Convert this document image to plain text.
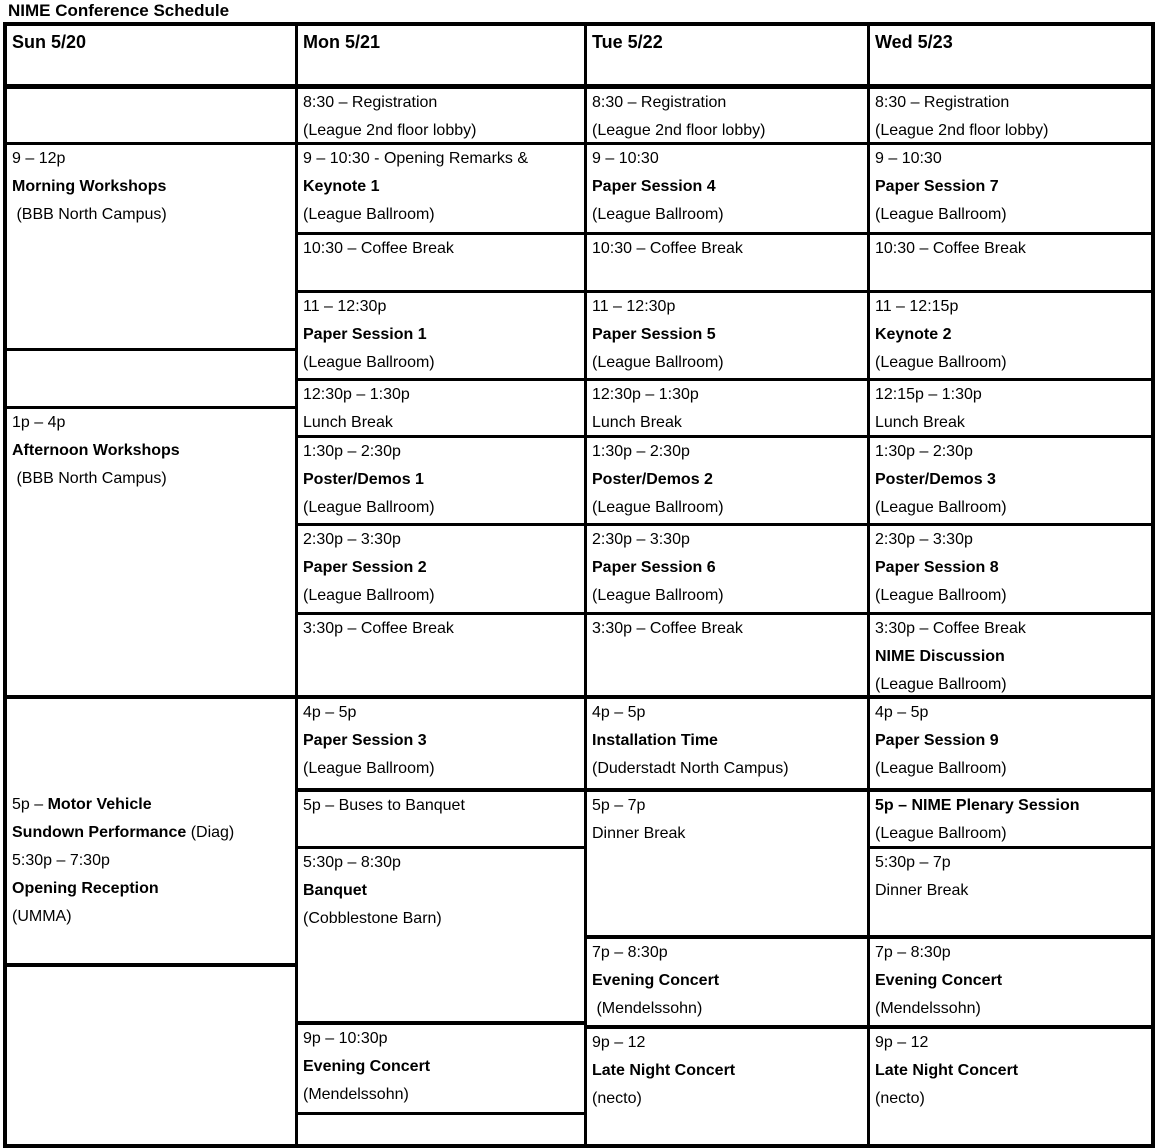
NIME Conference Schedule
Sun 5/20
9 – 12p
Morning Workshops
(BBB North Campus)
1p – 4p
Afternoon Workshops
(BBB North Campus)
5p – Motor Vehicle
Sundown Performance (Diag)
5:30p – 7:30p
Opening Reception
(UMMA)
Mon 5/21
8:30 – Registration
(League 2nd floor lobby)
9 – 10:30 - Opening Remarks &
Keynote 1
(League Ballroom)
10:30 – Coffee Break
11 – 12:30p
Paper Session 1
(League Ballroom)
12:30p – 1:30p
Lunch Break
1:30p – 2:30p
Poster/Demos 1
(League Ballroom)
2:30p – 3:30p
Paper Session 2
(League Ballroom)
3:30p – Coffee Break
4p – 5p
Paper Session 3
(League Ballroom)
5p – Buses to Banquet
5:30p – 8:30p
Banquet
(Cobblestone Barn)
9p – 10:30p
Evening Concert
(Mendelssohn)
Tue 5/22
8:30 – Registration
(League 2nd floor lobby)
9 – 10:30
Paper Session 4
(League Ballroom)
10:30 – Coffee Break
11 – 12:30p
Paper Session 5
(League Ballroom)
12:30p – 1:30p
Lunch Break
1:30p – 2:30p
Poster/Demos 2
(League Ballroom)
2:30p – 3:30p
Paper Session 6
(League Ballroom)
3:30p – Coffee Break
4p – 5p
Installation Time
(Duderstadt North Campus)
5p – 7p
Dinner Break
7p – 8:30p
Evening Concert
(Mendelssohn)
9p – 12
Late Night Concert
(necto)
Wed 5/23
8:30 – Registration
(League 2nd floor lobby)
9 – 10:30
Paper Session 7
(League Ballroom)
10:30 – Coffee Break
11 – 12:15p
Keynote 2
(League Ballroom)
12:15p – 1:30p
Lunch Break
1:30p – 2:30p
Poster/Demos 3
(League Ballroom)
2:30p – 3:30p
Paper Session 8
(League Ballroom)
3:30p – Coffee Break
NIME Discussion
(League Ballroom)
4p – 5p
Paper Session 9
(League Ballroom)
5p – NIME Plenary Session
(League Ballroom)
5:30p – 7p
Dinner Break
7p – 8:30p
Evening Concert
(Mendelssohn)
9p – 12
Late Night Concert
(necto)
